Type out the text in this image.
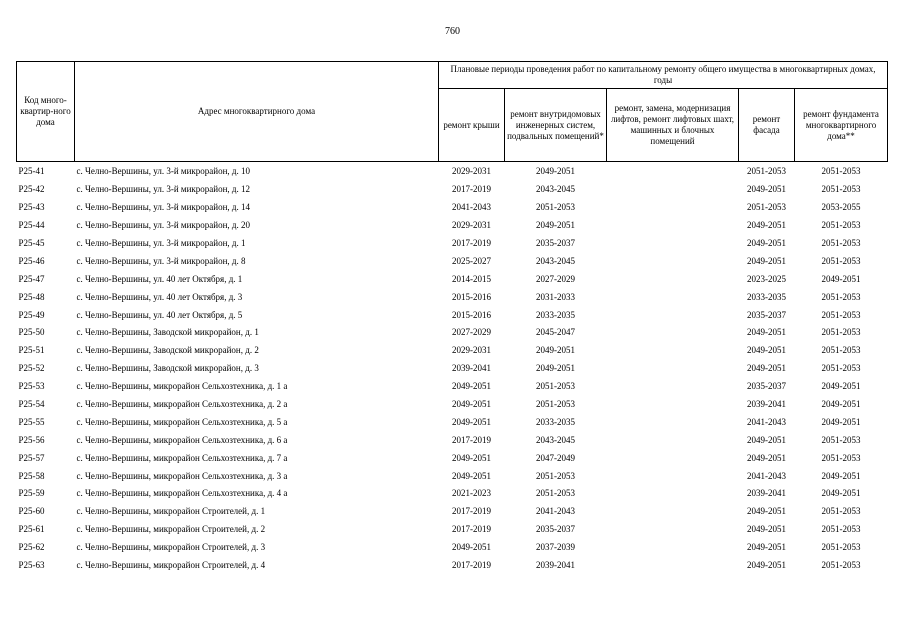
760
Код много-квартир-ного дома	Адрес многоквартирного дома	Плановые периоды проведения работ по капитальному ремонту общего имущества в многоквартирных домах, годы				
		ремонт крыши	ремонт внутридомовых инженерных систем, подвальных помещений*	ремонт, замена, модернизация лифтов, ремонт лифтовых шахт, машинных и блочных помещений	ремонт фасада	ремонт фундамента многоквартирного дома**
Р25-41	с. Челно-Вершины, ул. 3-й микрорайон, д. 10	2029-2031	2049-2051		2051-2053	2051-2053
Р25-42	с. Челно-Вершины, ул. 3-й микрорайон, д. 12	2017-2019	2043-2045		2049-2051	2051-2053
Р25-43	с. Челно-Вершины, ул. 3-й микрорайон, д. 14	2041-2043	2051-2053		2051-2053	2053-2055
Р25-44	с. Челно-Вершины, ул. 3-й микрорайон, д. 20	2029-2031	2049-2051		2049-2051	2051-2053
Р25-45	с. Челно-Вершины, ул. 3-й микрорайон, д. 1	2017-2019	2035-2037		2049-2051	2051-2053
Р25-46	с. Челно-Вершины, ул. 3-й микрорайон, д. 8	2025-2027	2043-2045		2049-2051	2051-2053
Р25-47	с. Челно-Вершины, ул. 40 лет Октября, д. 1	2014-2015	2027-2029		2023-2025	2049-2051
Р25-48	с. Челно-Вершины, ул. 40 лет Октября, д. 3	2015-2016	2031-2033		2033-2035	2051-2053
Р25-49	с. Челно-Вершины, ул. 40 лет Октября, д. 5	2015-2016	2033-2035		2035-2037	2051-2053
Р25-50	с. Челно-Вершины, Заводской микрорайон, д. 1	2027-2029	2045-2047		2049-2051	2051-2053
Р25-51	с. Челно-Вершины, Заводской микрорайон, д. 2	2029-2031	2049-2051		2049-2051	2051-2053
Р25-52	с. Челно-Вершины, Заводской микрорайон, д. 3	2039-2041	2049-2051		2049-2051	2051-2053
Р25-53	с. Челно-Вершины, микрорайон Сельхозтехника, д. 1 а	2049-2051	2051-2053		2035-2037	2049-2051
Р25-54	с. Челно-Вершины, микрорайон Сельхозтехника, д. 2 а	2049-2051	2051-2053		2039-2041	2049-2051
Р25-55	с. Челно-Вершины, микрорайон Сельхозтехника, д. 5 а	2049-2051	2033-2035		2041-2043	2049-2051
Р25-56	с. Челно-Вершины, микрорайон Сельхозтехника, д. 6 а	2017-2019	2043-2045		2049-2051	2051-2053
Р25-57	с. Челно-Вершины, микрорайон Сельхозтехника, д. 7 а	2049-2051	2047-2049		2049-2051	2051-2053
Р25-58	с. Челно-Вершины, микрорайон Сельхозтехника, д. 3 а	2049-2051	2051-2053		2041-2043	2049-2051
Р25-59	с. Челно-Вершины, микрорайон Сельхозтехника, д. 4 а	2021-2023	2051-2053		2039-2041	2049-2051
Р25-60	с. Челно-Вершины, микрорайон Строителей, д. 1	2017-2019	2041-2043		2049-2051	2051-2053
Р25-61	с. Челно-Вершины, микрорайон Строителей, д. 2	2017-2019	2035-2037		2049-2051	2051-2053
Р25-62	с. Челно-Вершины, микрорайон Строителей, д. 3	2049-2051	2037-2039		2049-2051	2051-2053
Р25-63	с. Челно-Вершины, микрорайон Строителей, д. 4	2017-2019	2039-2041		2049-2051	2051-2053
